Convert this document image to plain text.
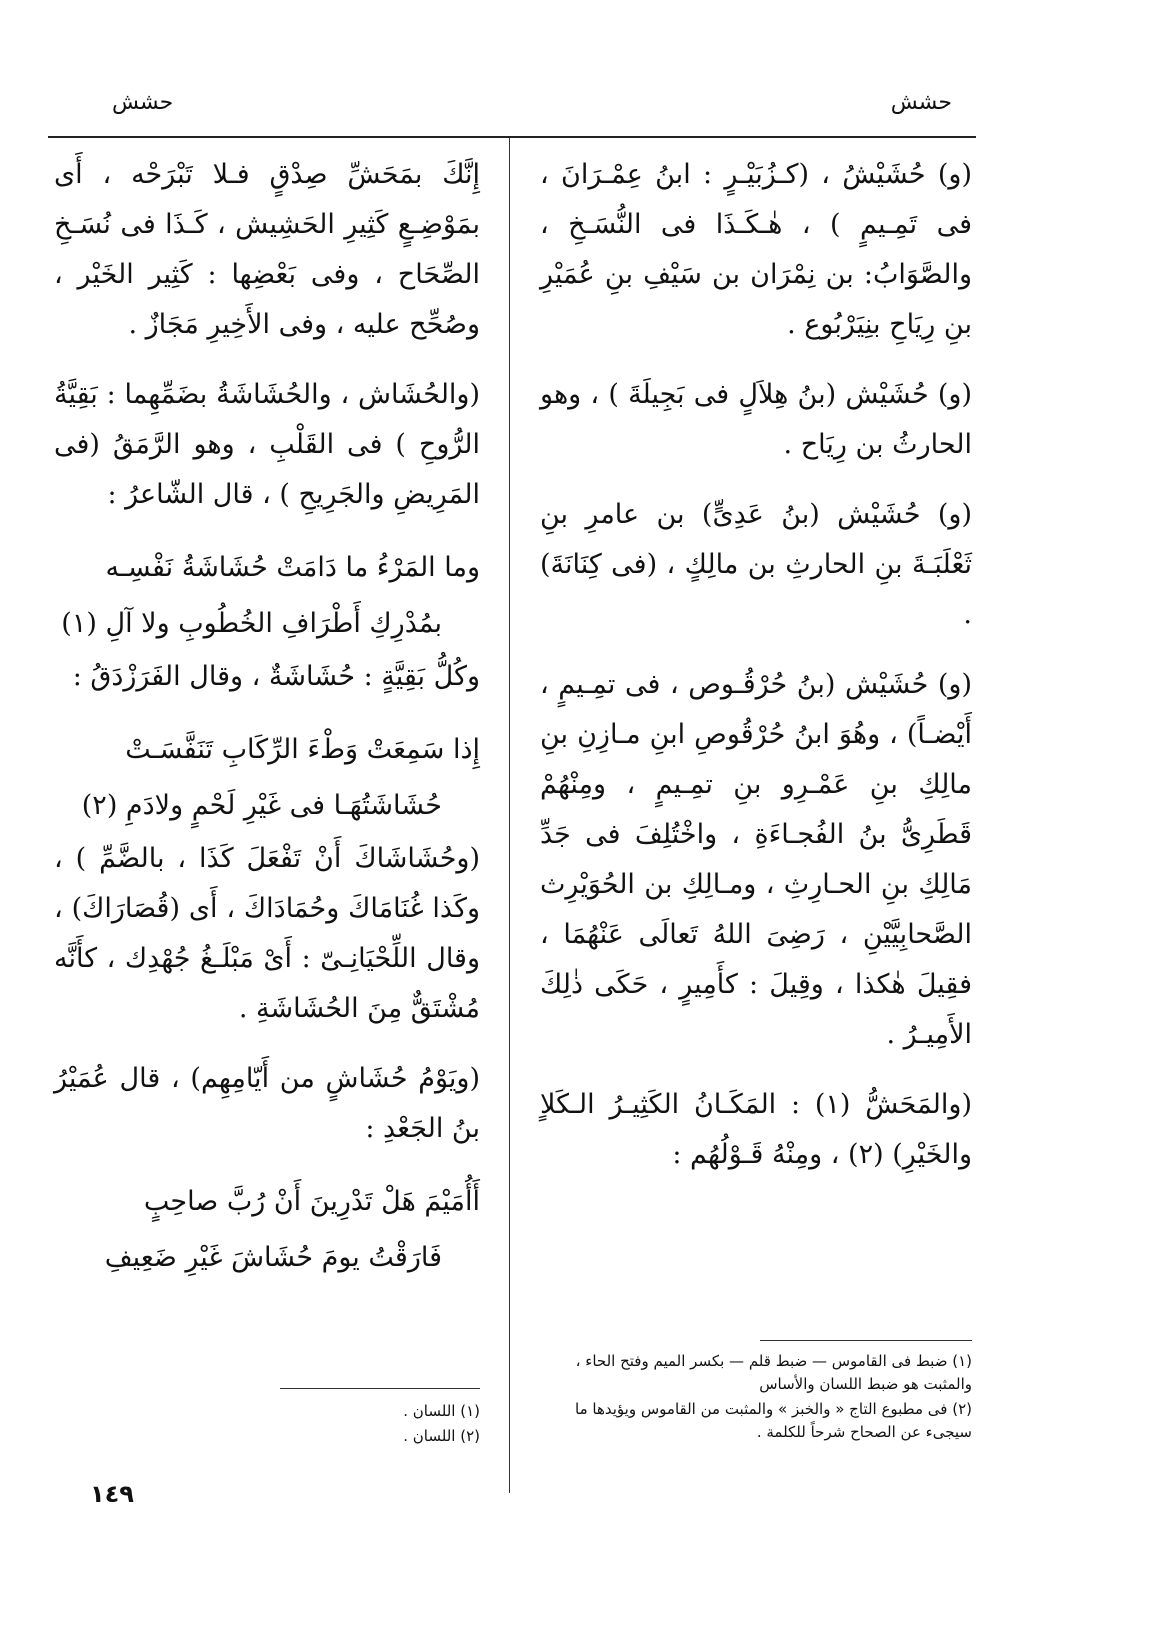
حشش
حشش

(و) حُشَيْشُ ، (كـزُبَيْـرٍ : ابنُ عِمْـرَانَ ، فى تَمِـيمٍ ) ، هٰـكَـذَا فى النُّسَـخِ ، والصَّوَابُ: بن نِمْرَان بن سَيْفِ بنِ عُمَيْرِ بنِ رِيَاحِ بنِيَرْبُوع .

(و) حُشَيْش (بنُ هِلاَلٍ فى بَجِيلَةَ ) ، وهو الحارثُ بن رِيَاح .

(و) حُشَيْش (بنُ عَدِىٍّ) بن عامرِ بنِ ثَعْلَبَـةَ بنِ الحارثِ بن مالِكٍ ، (فى كِنَانَةَ) .

(و) حُشَيْش (بنُ حُرْقُـوص ، فى تمِـيمٍ ، أَيْضـاً) ، وهُوَ ابنُ حُرْقُوصِ ابنِ مـازِنِ بنِ مالِكِ بنِ عَمْـرِو بنِ تمِـيمٍ ، ومِنْهُمْ قَطَرِىُّ بنُ الفُجـاءَةِ ، واخْتُلِفَ فى جَدِّ مَالِكِ بنِ الحـارِثِ ، ومـالِكِ بن الحُوَيْرِث الصَّحابِيَّيْنِ ، رَضِىَ اللهُ تَعالَى عَنْهُمَا ، فقِيلَ هٰكذا ، وقِيلَ : كأَمِيرٍ ، حَكَى ذٰلِكَ الأَمِيـرُ .

(والمَحَشُّ (١) : المَكَـانُ الكَثِيـرُ الـكَلاٍ والخَيْرِ) (٢) ، ومِنْهُ قَـوْلُهُم :

إِنَّكَ بمَحَشِّ صِدْقٍ فـلا تَبْرَحْه ، أَى بمَوْضِـعٍ كَثِيرِ الحَشِيش ، كَـذَا فى نُسَـخِ الصِّحَاح ، وفى بَعْضِها : كَثِير الخَيْر ، وصُحِّح عليه ، وفى الأَخِيرِ مَجَازٌ .

(والحُشَاش ، والحُشَاشَةُ بضَمِّهِما : بَقِيَّةُ الرُّوحِ ) فى القَلْبِ ، وهو الرَّمَقُ (فى المَرِيضِ والجَرِيحِ ) ، قال الشّاعرُ :

وما المَرْءُ ما دَامَتْ حُشَاشَةُ نَفْسِـه

بمُدْرِكِ أَطْرَافِ الخُطُوبِ ولا آلِ (١)

وكُلُّ بَقِيَّةٍ : حُشَاشَةٌ ، وقال الفَرَزْدَقُ :

إِذا سَمِعَتْ وَطْءَ الرِّكَابِ تَنَفَّسَـتْ

حُشَاشَتُهَـا فى غَيْرِ لَحْمٍ ولادَمِ (٢)

(وحُشَاشَاكَ أَنْ تَفْعَلَ كَذَا ، بالضَّمِّ ) ، وكَذا غُنَامَاكَ وحُمَادَاكَ ، أَى (قُصَارَاكَ) ، وقال اللِّحْيَانِـىّ : أَىْ مَبْلَـغُ جُهْدِك ، كأَنَّه مُشْتَقٌّ مِنَ الحُشَاشَةِ .

(ويَوْمُ حُشَاشٍ من أَيّامِهِم) ، قال عُمَيْرُ بنُ الجَعْدِ :

أَأُمَيْمَ هَلْ تَدْرِينَ أَنْ رُبَّ صاحِبٍ

فَارَقْتُ يومَ حُشَاشَ غَيْرِ ضَعِيفِ

(١) ضبط فى القاموس — ضبط قلم — بكسر الميم وفتح الحاء ، والمثبت هو ضبط اللسان والأساس

(٢) فى مطبوع التاج « والخبز » والمثبت من القاموس ويؤيدها ما سيجىء عن الصحاح شرحاً للكلمة .

(١) اللسان .

(٢) اللسان .

١٤٩
